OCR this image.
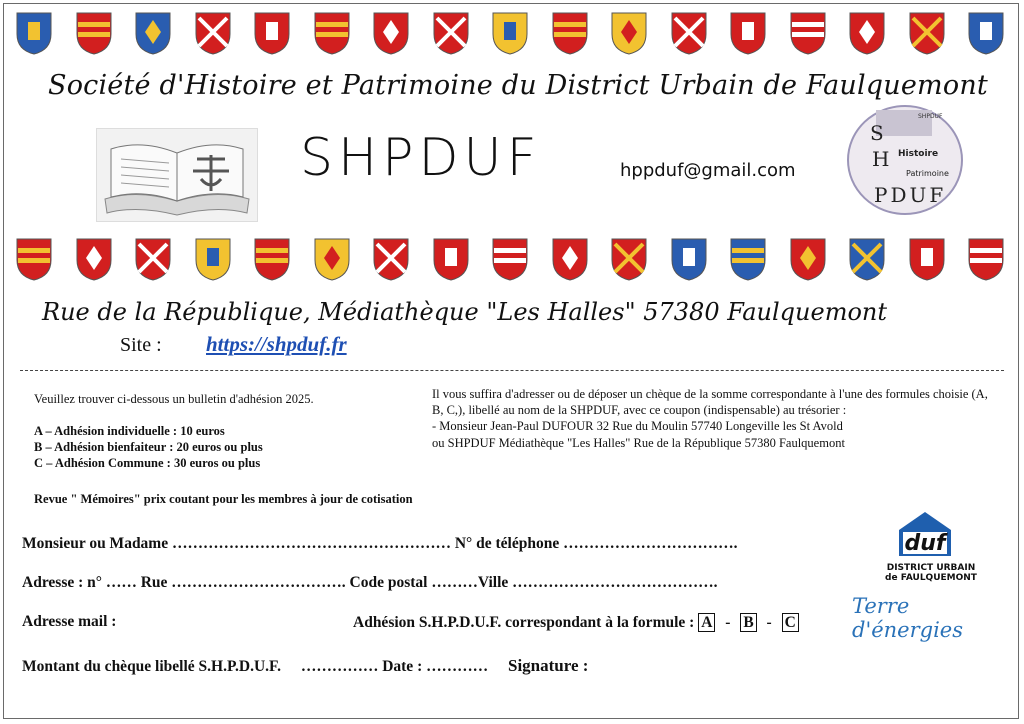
Société d'Histoire et Patrimoine du District Urbain de Faulquemont
SHPDUF	hppduf@gmail.com
SHPDUF
S
H Histoire
Patrimoine
PDUF
Rue de la République, Médiathèque "Les Halles" 57380 Faulquemont
Site : https://shpduf.fr
Veuillez trouver ci-dessous un bulletin d'adhésion 2025.
A – Adhésion individuelle : 10 euros
B – Adhésion bienfaiteur : 20 euros ou plus
C – Adhésion Commune : 30 euros ou plus
Revue " Mémoires" prix coutant pour les membres à jour de cotisation
Il vous suffira d'adresser ou de déposer un chèque de la somme correspondante à l'une des formules choisie (A, B, C,), libellé au nom de la SHPDUF, avec ce coupon (indispensable) au trésorier :
- Monsieur Jean-Paul DUFOUR 32 Rue du Moulin 57740 Longeville les St Avold
ou SHPDUF Médiathèque "Les Halles" Rue de la République 57380 Faulquemont
Monsieur ou Madame ……………………………………………… N° de téléphone …………………………….
Adresse : n° …… Rue ……………………………. Code postal ………Ville ………………………………….
Adresse mail :	Adhésion S.H.P.D.U.F. correspondant à la formule : A - B - C
Montant du chèque libellé S.H.P.D.U.F. …………… Date : ………… Signature :
duf
DISTRICT URBAIN
de FAULQUEMONT
Terre d'énergies
